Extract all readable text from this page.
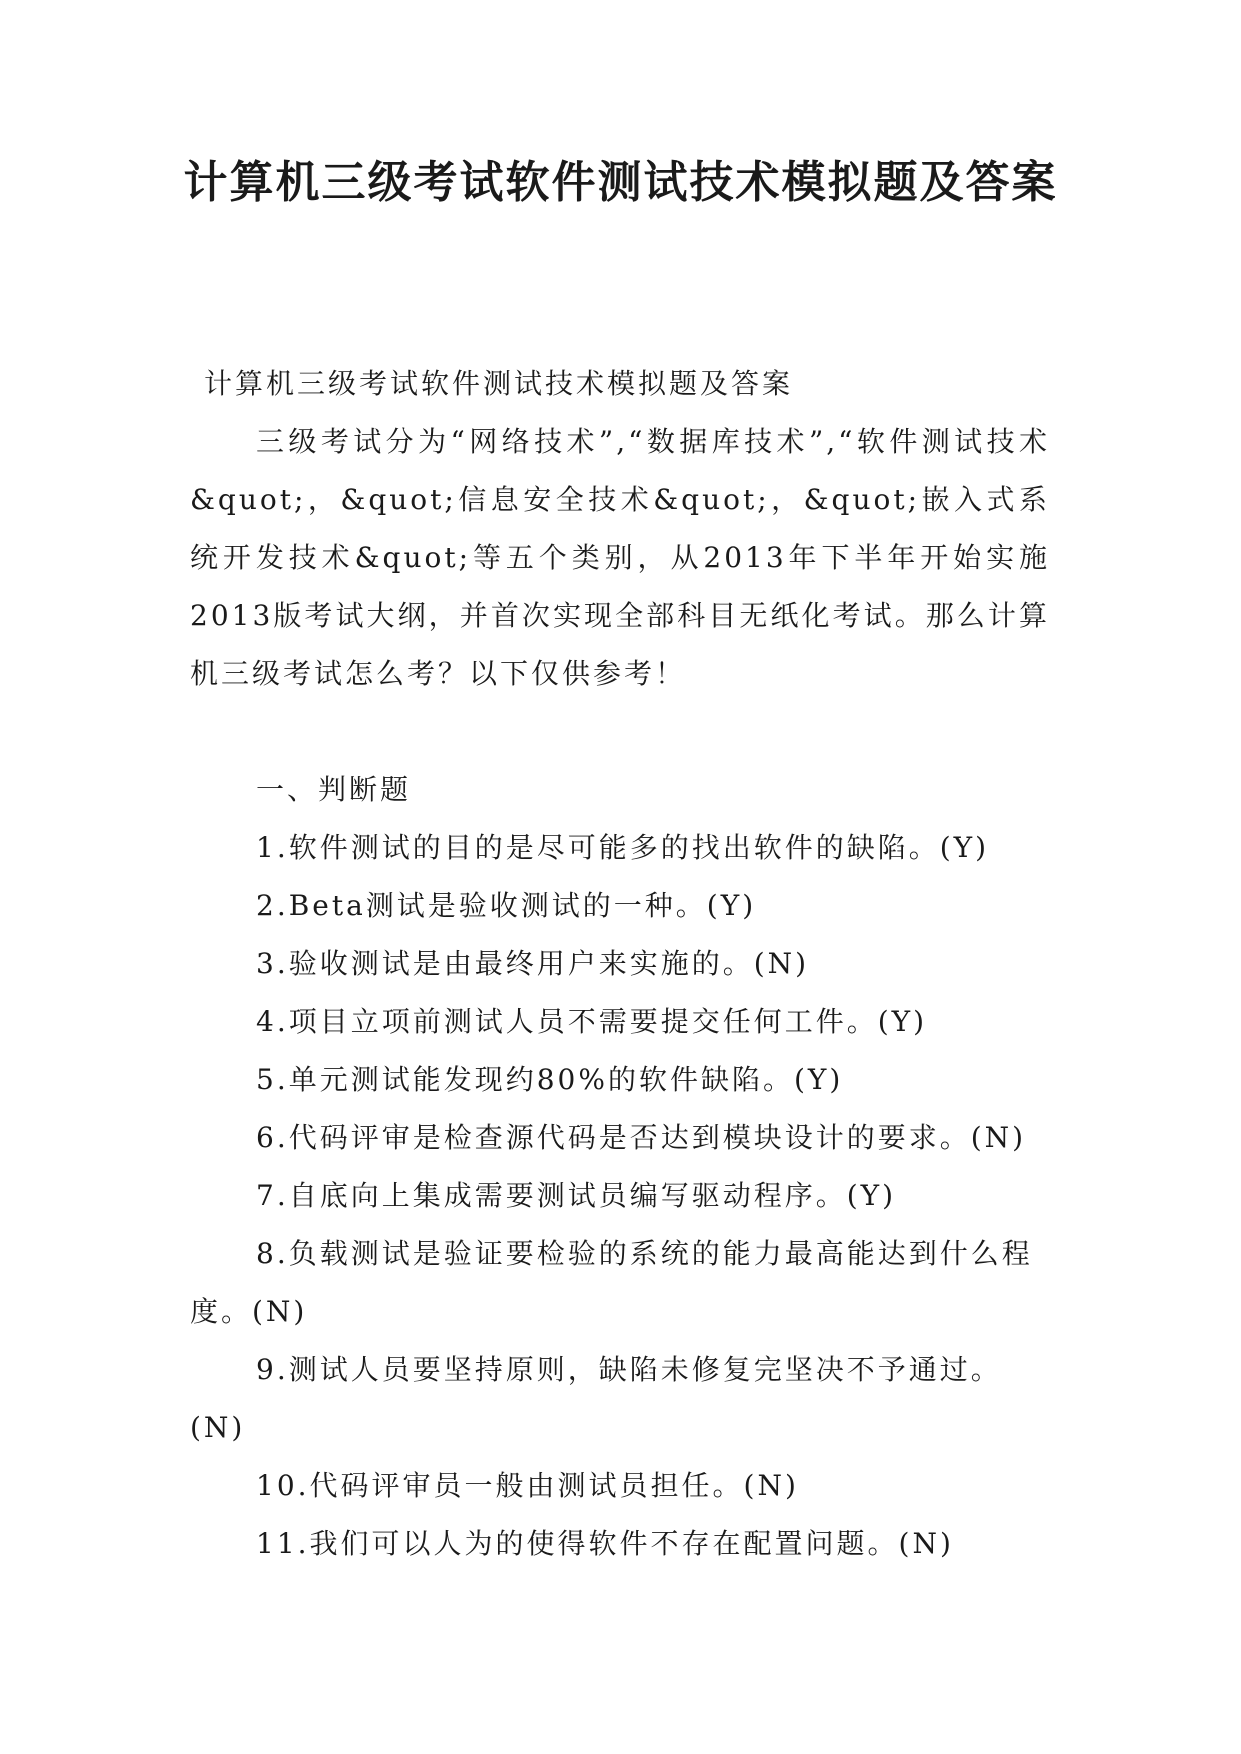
计算机三级考试软件测试技术模拟题及答案

计算机三级考试软件测试技术模拟题及答案

三级考试分为“网络技术”,“数据库技术”,“软件测试技术&quot;，&quot;信息安全技术&quot;，&quot;嵌入式系统开发技术&quot;等五个类别，从2013年下半年开始实施2013版考试大纲，并首次实现全部科目无纸化考试。那么计算机三级考试怎么考？以下仅供参考！

一、判断题

1.软件测试的目的是尽可能多的找出软件的缺陷。(Y)

2.Beta测试是验收测试的一种。(Y)

3.验收测试是由最终用户来实施的。(N)

4.项目立项前测试人员不需要提交任何工件。(Y)

5.单元测试能发现约80%的软件缺陷。(Y)

6.代码评审是检查源代码是否达到模块设计的要求。(N)

7.自底向上集成需要测试员编写驱动程序。(Y)

8.负载测试是验证要检验的系统的能力最高能达到什么程度。(N)

9.测试人员要坚持原则，缺陷未修复完坚决不予通过。(N)

10.代码评审员一般由测试员担任。(N)

11.我们可以人为的使得软件不存在配置问题。(N)
